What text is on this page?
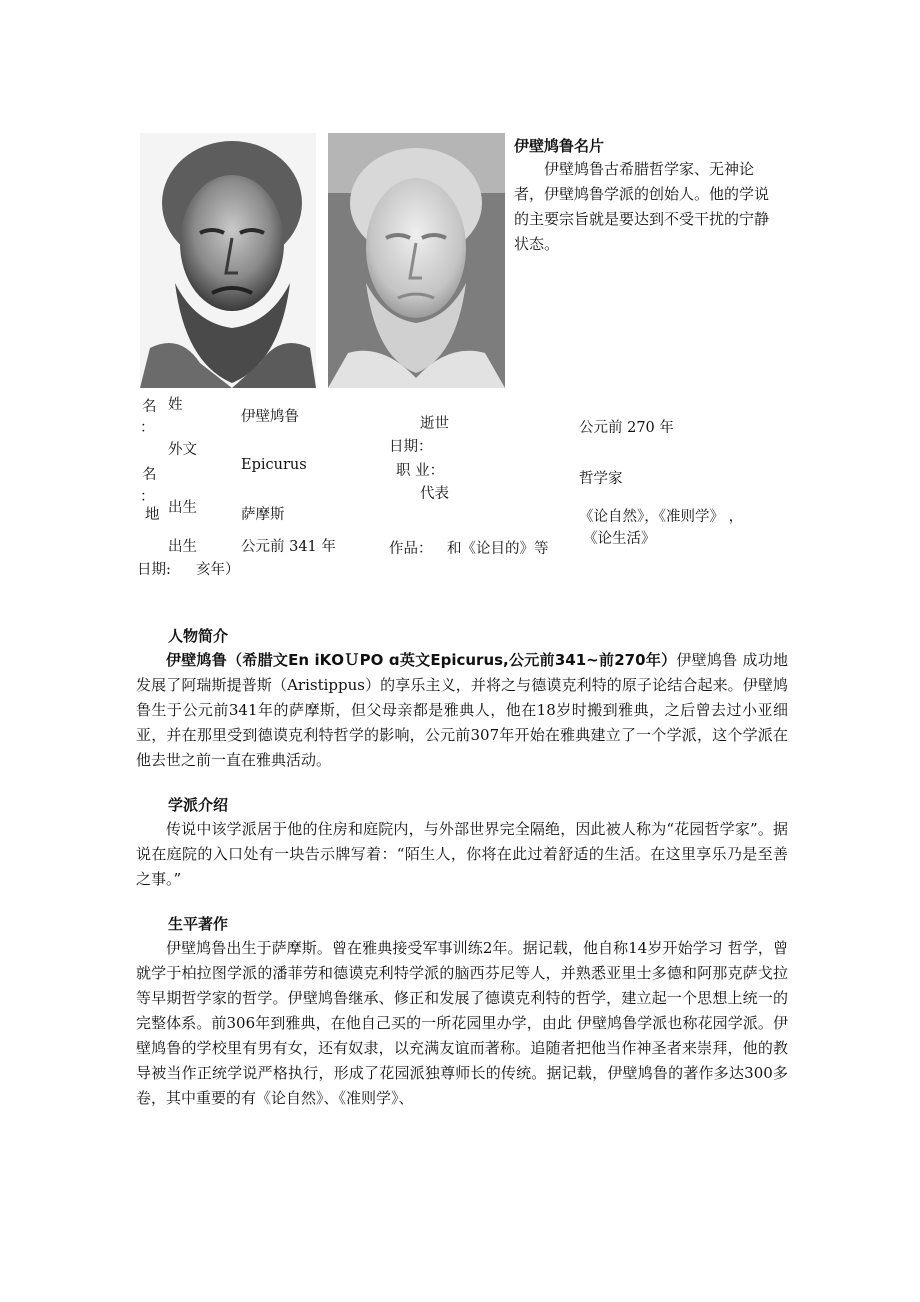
伊壁鸠鲁名片
伊壁鸠鲁古希腊哲学家、无神论者，伊壁鸠鲁学派的创始人。他的学说的主要宗旨就是要达到不受干扰的宁静状态。
名 姓
：
伊壁鸠鲁
外文
名
：
Epicurus
地 出生	萨摩斯
出生
日期:
公元前 341 年
亥年）
逝世
日期：
公元前 270 年
职 业：	哲学家
代表
作品： 和《论目的》等
《论自然》，《准则学》 ，
《论生活》
人物简介
伊壁鸠鲁（希腊文Εn iΚΟＵΡΟ ɑ英文Epicurus,公元前341~前270年）伊壁鸠鲁 成功地发展了阿瑞斯提普斯（Aristippus）的享乐主义，并将之与德谟克利特的原子论结合起来。伊壁鸠鲁生于公元前341年的萨摩斯，但父母亲都是雅典人，他在18岁时搬到雅典，之后曾去过小亚细亚，并在那里受到德谟克利特哲学的影响，公元前307年开始在雅典建立了一个学派，这个学派在他去世之前一直在雅典活动。
学派介绍
传说中该学派居于他的住房和庭院内，与外部世界完全隔绝，因此被人称为“花园哲学家”。据说在庭院的入口处有一块告示牌写着：“陌生人，你将在此过着舒适的生活。在这里享乐乃是至善之事。”
生平著作
伊壁鸠鲁出生于萨摩斯。曾在雅典接受军事训练2年。据记载，他自称14岁开始学习 哲学，曾就学于柏拉图学派的潘菲劳和德谟克利特学派的脑西芬尼等人，并熟悉亚里士多德和阿那克萨戈拉等早期哲学家的哲学。伊壁鸠鲁继承、修正和发展了德谟克利特的哲学，建立起一个思想上统一的完整体系。前306年到雅典，在他自己买的一所花园里办学，由此 伊壁鸠鲁学派也称花园学派。伊壁鸠鲁的学校里有男有女，还有奴隶，以充满友谊而著称。追随者把他当作神圣者来崇拜，他的教导被当作正统学说严格执行，形成了花园派独尊师长的传统。据记载，伊壁鸠鲁的著作多达300多卷，其中重要的有《论自然》、《准则学》、
